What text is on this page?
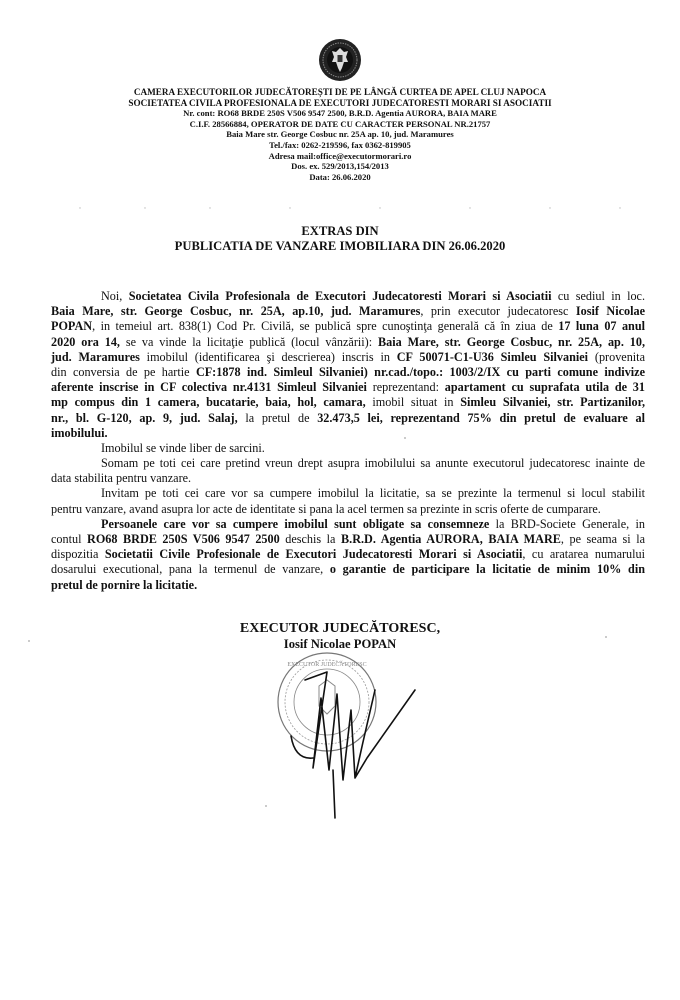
CAMERA EXECUTORILOR JUDECĂTOREȘTI DE PE LÂNGĂ CURTEA DE APEL CLUJ NAPOCA
SOCIETATEA CIVILA PROFESIONALA DE EXECUTORI JUDECATORESTI MORARI SI ASOCIATII
Nr. cont: RO68 BRDE 250S V506 9547 2500, B.R.D. Agentia AURORA, BAIA MARE
C.I.F. 28566884, OPERATOR DE DATE CU CARACTER PERSONAL NR.21757
Baia Mare str. George Cosbuc nr. 25A ap. 10, jud. Maramures
Tel./fax: 0262-219596, fax 0362-819905
Adresa mail:office@executormorari.ro
Dos. ex. 529/2013,154/2013
Data: 26.06.2020
EXTRAS DIN
PUBLICATIA DE VANZARE IMOBILIARA DIN 26.06.2020
Noi, Societatea Civila Profesionala de Executori Judecatoresti Morari si Asociatii cu sediul in loc.
Baia Mare, str. George Cosbuc, nr. 25A, ap.10, jud. Maramures, prin executor judecatoresc Iosif Nicolae
POPAN, in temeiul art. 838(1) Cod Pr. Civilă, se publică spre cunoştinţa generală că în ziua de 17 luna 07 anul
2020 ora 14, se va vinde la licitaţie publică (locul vânzării): Baia Mare, str. George Cosbuc, nr. 25A, ap. 10,
jud. Maramures imobilul (identificarea şi descrierea) inscris in CF 50071-C1-U36 Simleu Silvaniei (provenita
din conversia de pe hartie CF:1878 ind. Simleul Silvaniei) nr.cad./topo.: 1003/2/IX cu parti comune indivize
aferente inscrise in CF colectiva nr.4131 Simleul Silvaniei reprezentand: apartament cu suprafata utila de 31
mp compus din 1 camera, bucatarie, baia, hol, camara, imobil situat in Simleu Silvaniei, str. Partizanilor,
nr., bl. G-120, ap. 9, jud. Salaj, la pretul de 32.473,5 lei, reprezentand 75% din pretul de evaluare al
imobilului.
Imobilul se vinde liber de sarcini.
Somam pe toti cei care pretind vreun drept asupra imobilului sa anunte executorul judecatoresc inainte de
data stabilita pentru vanzare.
Invitam pe toti cei care vor sa cumpere imobilul la licitatie, sa se prezinte la termenul si locul stabilit
pentru vanzare, avand asupra lor acte de identitate si pana la acel termen sa prezinte in scris oferte de cumparare.
Persoanele care vor sa cumpere imobilul sunt obligate sa consemneze la BRD-Societe Generale, in
contul RO68 BRDE 250S V506 9547 2500 deschis la B.R.D. Agentia AURORA, BAIA MARE, pe seama si la
dispozitia Societatii Civile Profesionale de Executori Judecatoresti Morari si Asociatii, cu aratarea numarului
dosarului executional, pana la termenul de vanzare, o garantie de participare la licitatie de minim 10% din
pretul de pornire la licitatie.
EXECUTOR JUDECĂTORESC,
Iosif Nicolae POPAN
EXECUTOR JUDECĂTORESC
